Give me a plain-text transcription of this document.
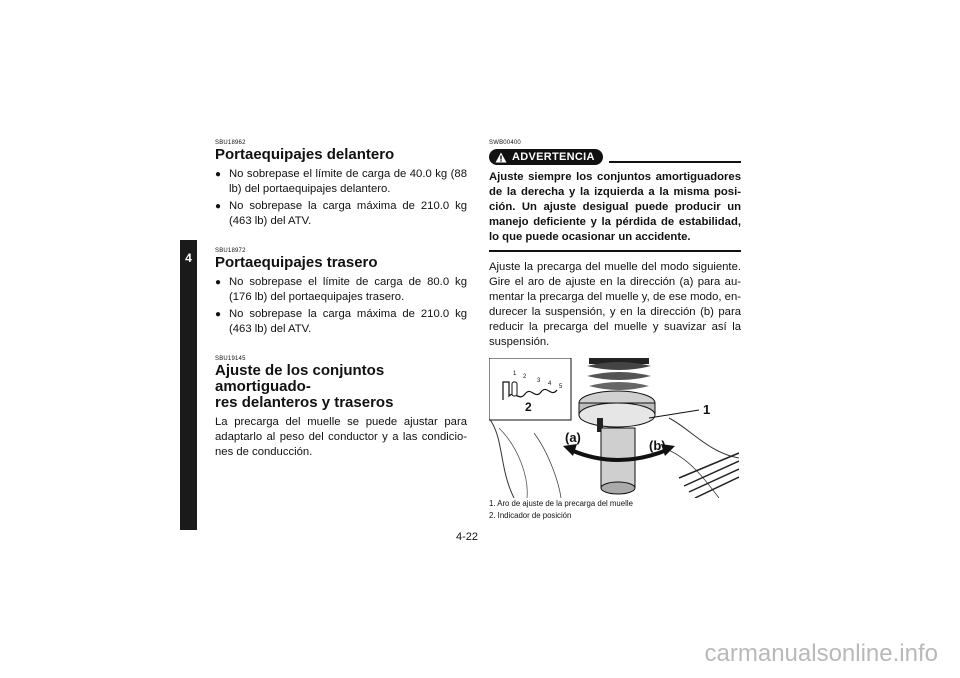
4
SBU18962
Portaequipajes delantero
● No sobrepase el límite de carga de 40.0 kg (88 lb) del portaequipajes delantero.
● No sobrepase la carga máxima de 210.0 kg (463 lb) del ATV.
SBU18972
Portaequipajes trasero
● No sobrepase el límite de carga de 80.0 kg (176 lb) del portaequipajes trasero.
● No sobrepase la carga máxima de 210.0 kg (463 lb) del ATV.
SBU19145
Ajuste de los conjuntos amortiguado-
res delanteros y traseros
La precarga del muelle se puede ajustar para adaptarlo al peso del conductor y a las condicio-nes de conducción.
SWB00400
ADVERTENCIA
Ajuste siempre los conjuntos amortiguadores de la derecha y la izquierda a la misma posi-ción. Un ajuste desigual puede producir un manejo deficiente y la pérdida de estabilidad, lo que puede ocasionar un accidente.
Ajuste la precarga del muelle del modo siguiente. Gire el aro de ajuste en la dirección (a) para au-mentar la precarga del muelle y, de ese modo, en-durecer la suspensión, y en la dirección (b) para reducir la precarga del muelle y suavizar así la suspensión.
1 2
3 4 5
2	1
(a)
(b)
1. Aro de ajuste de la precarga del muelle
2. Indicador de posición
4-22
carmanualsonline.info
